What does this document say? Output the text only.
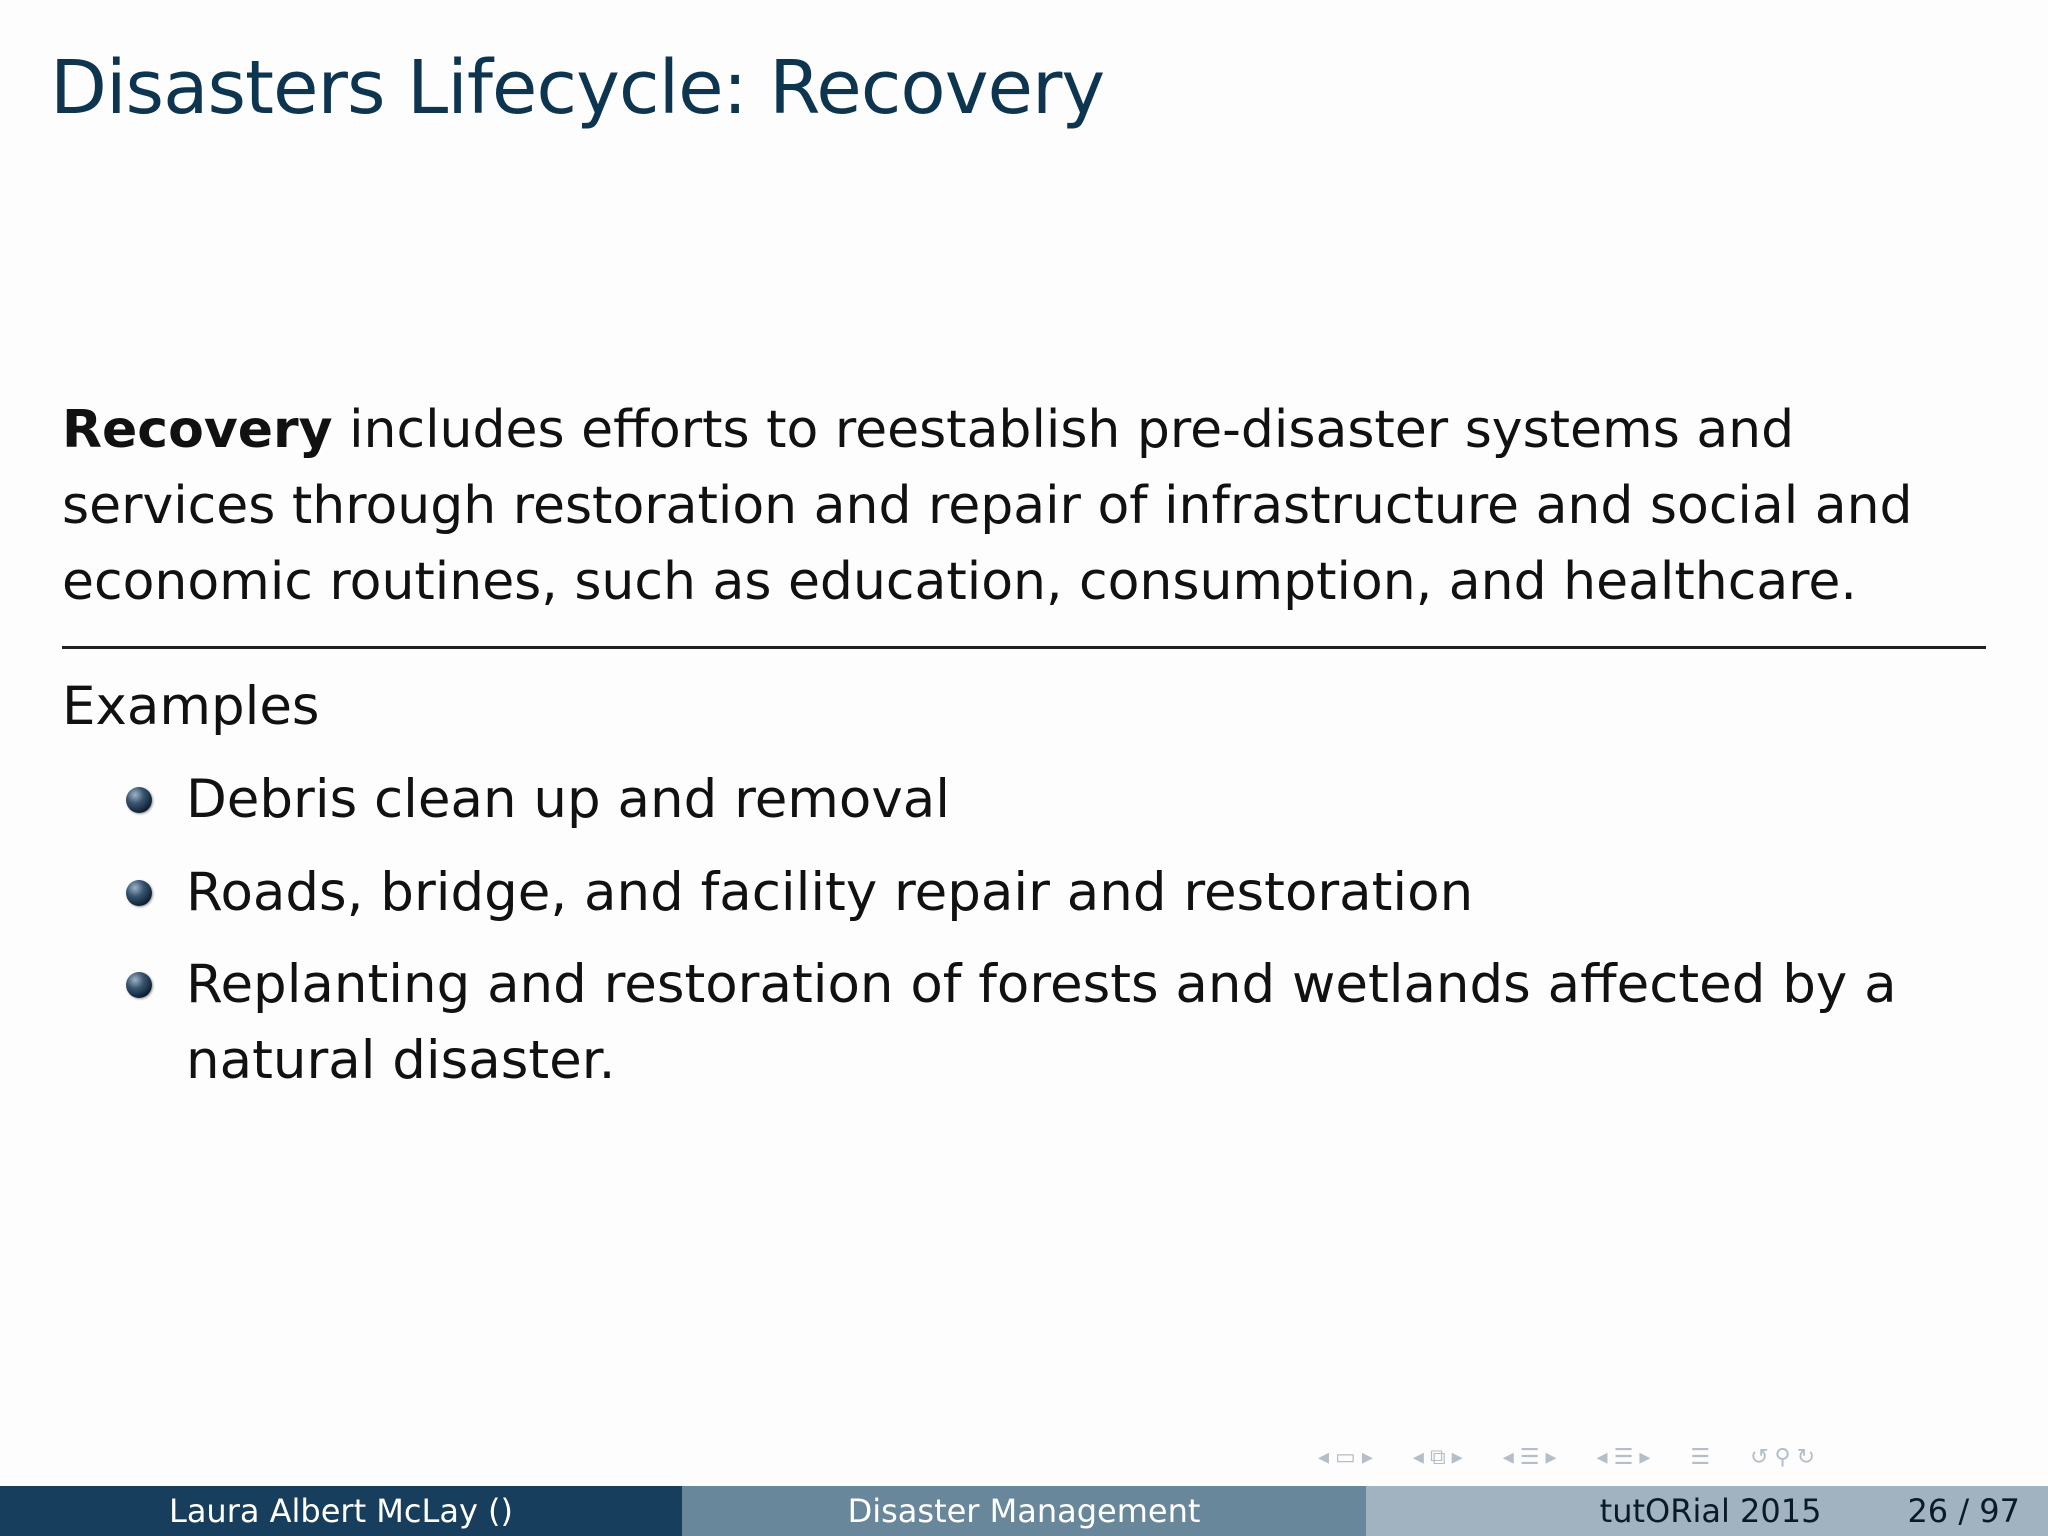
Disasters Lifecycle: Recovery

Recovery includes efforts to reestablish pre-disaster systems and services through restoration and repair of infrastructure and social and economic routines, such as education, consumption, and healthcare.

Examples
Debris clean up and removal
Roads, bridge, and facility repair and restoration
Replanting and restoration of forests and wetlands affected by a natural disaster.
◂ ▭ ▸ ◂ ⧉ ▸ ◂ ☰ ▸ ◂ ☰ ▸ ☰ ↺ ⚲ ↻
Laura Albert McLay ()	Disaster Management	tutORial 2015	26 / 97
